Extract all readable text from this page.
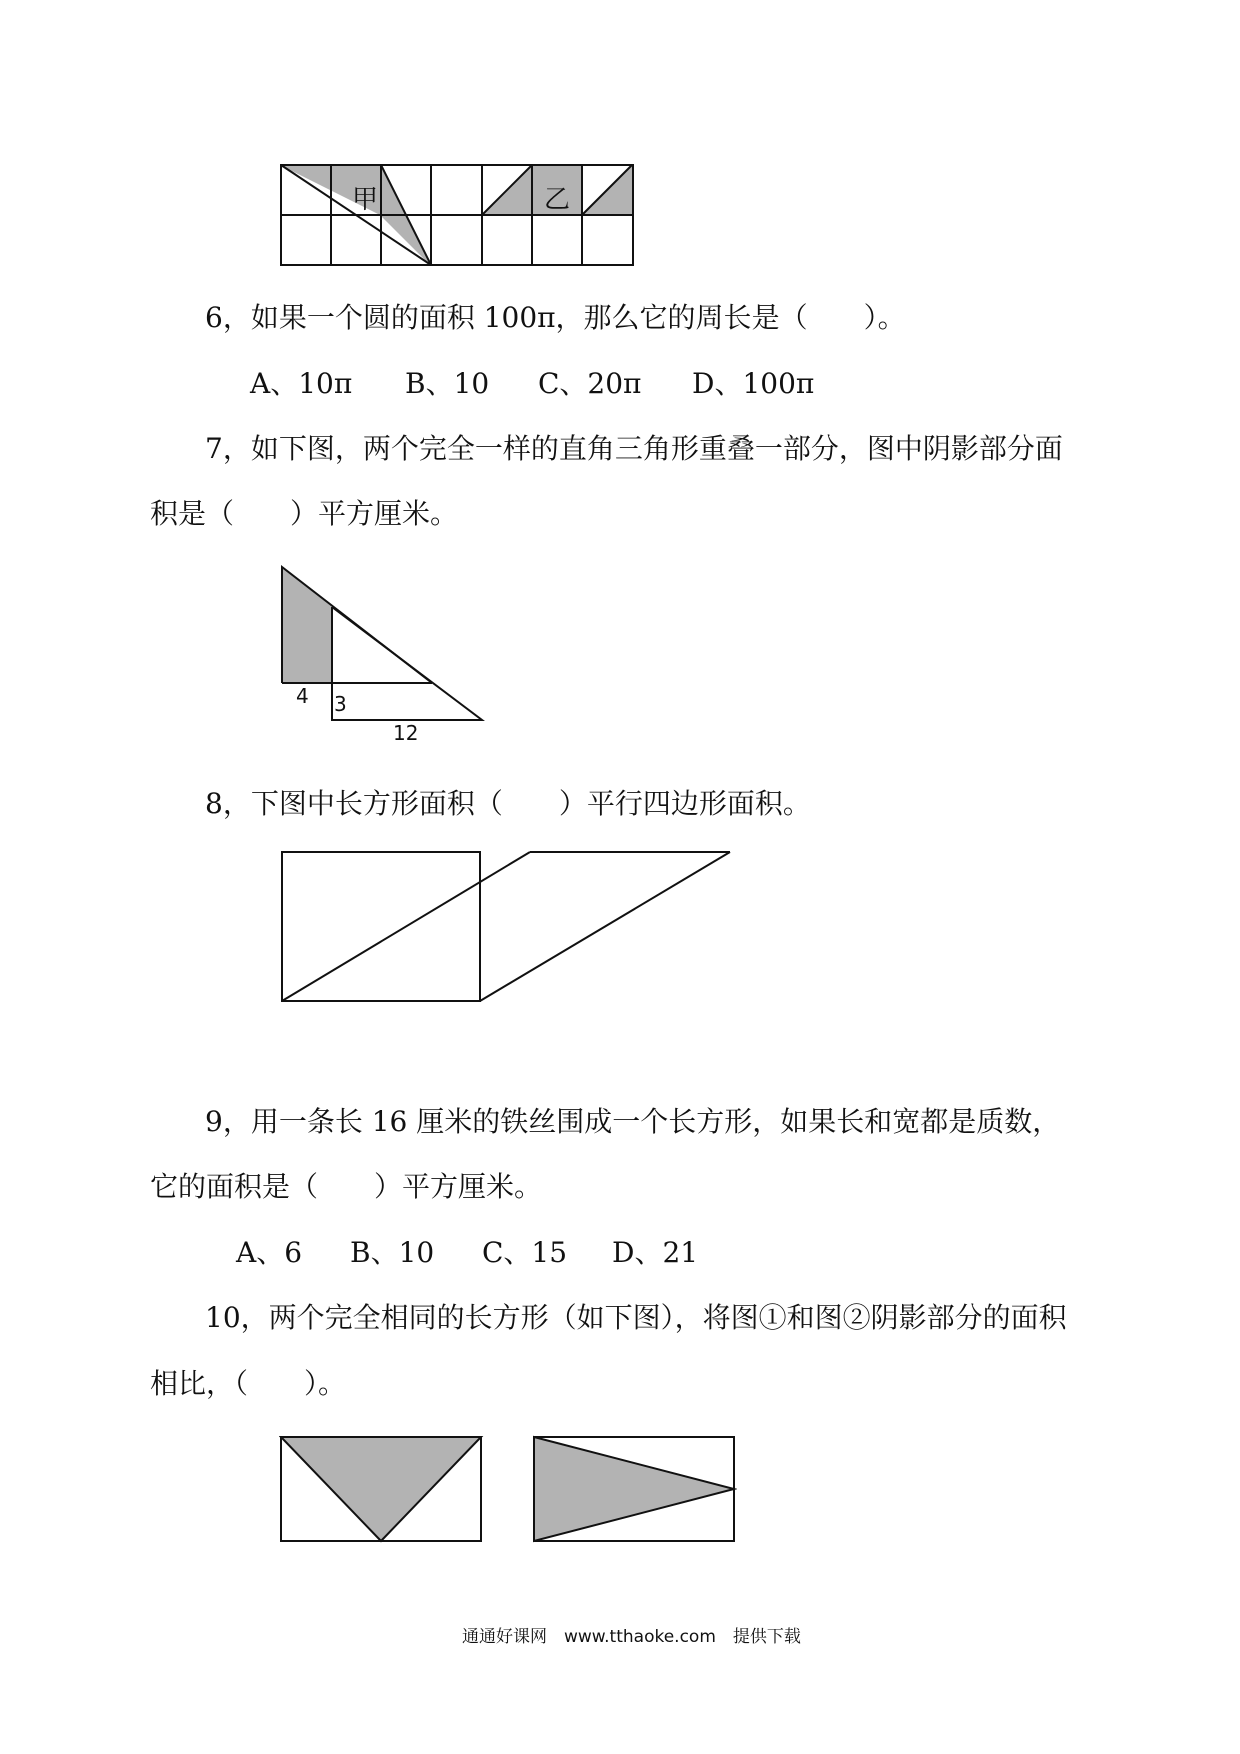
甲	乙
6，如果一个圆的面积 100π，那么它的周长是（　　）。
A、10π B、10 C、20π D、100π
7，如下图，两个完全一样的直角三角形重叠一部分，图中阴影部分面
积是（　　）平方厘米。
4 3
12
8，下图中长方形面积（　　）平行四边形面积。
9，用一条长 16 厘米的铁丝围成一个长方形，如果长和宽都是质数，
它的面积是（　　）平方厘米。
A、6 B、10 C、15 D、21
10，两个完全相同的长方形（如下图），将图①和图②阴影部分的面积
相比，（　　）。
通通好课网　www.tthaoke.com　提供下载
